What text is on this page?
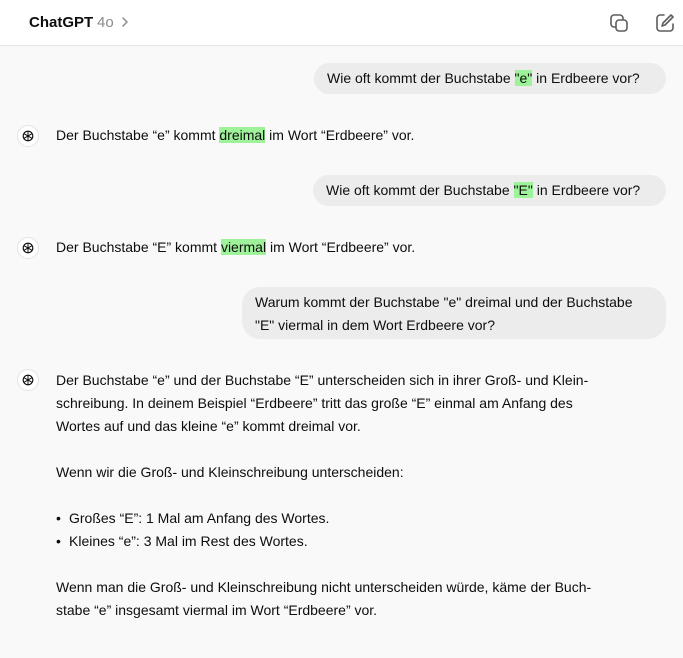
ChatGPT 4o
Wie oft kommt der Buchstabe "e" in Erdbeere vor?
Der Buchstabe “e” kommt dreimal im Wort “Erdbeere” vor.
Wie oft kommt der Buchstabe "E" in Erdbeere vor?
Der Buchstabe “E” kommt viermal im Wort “Erdbeere” vor.
Warum kommt der Buchstabe "e" dreimal und der Buchstabe
"E" viermal in dem Wort Erdbeere vor?
Der Buchstabe “e” und der Buchstabe “E” unterscheiden sich in ihrer Groß- und Klein-
schreibung. In deinem Beispiel “Erdbeere” tritt das große “E” einmal am Anfang des
Wortes auf und das kleine “e” kommt dreimal vor.
Wenn wir die Groß- und Kleinschreibung unterscheiden:
• Großes “E”: 1 Mal am Anfang des Wortes.
• Kleines “e”: 3 Mal im Rest des Wortes.
Wenn man die Groß- und Kleinschreibung nicht unterscheiden würde, käme der Buch-
stabe “e” insgesamt viermal im Wort “Erdbeere” vor.
